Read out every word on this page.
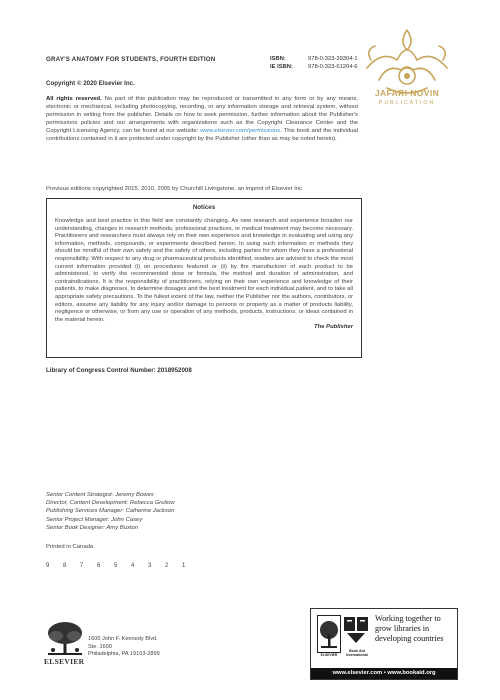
GRAY'S ANATOMY FOR STUDENTS, FOURTH EDITION	ISBN:	978-0-323-39304-1
IE ISBN:	978-0-323-61204-6
JAFARI NOVIN
PUBLICATION
Copyright © 2020 Elsevier Inc.
All rights reserved. No part of this publication may be reproduced or transmitted in any form or by any means, electronic or mechanical, including photocopying, recording, or any information storage and retrieval system, without permission in writing from the publisher. Details on how to seek permission, further information about the Publisher's permissions policies and our arrangements with organizations such as the Copyright Clearance Center and the Copyright Licensing Agency, can be found at our website: www.elsevier.com/permissions. This book and the individual contributions contained in it are protected under copyright by the Publisher (other than as may be noted herein).
Previous editions copyrighted 2015, 2010, 2005 by Churchill Livingstone, an imprint of Elsevier Inc.
Notices
Knowledge and best practice in this field are constantly changing. As new research and experience broaden our understanding, changes in research methods, professional practices, or medical treatment may become necessary. Practitioners and researchers must always rely on their own experience and knowledge in evaluating and using any information, methods, compounds, or experiments described herein. In using such information or methods they should be mindful of their own safety and the safety of others, including parties for whom they have a professional responsibility. With respect to any drug or pharmaceutical products identified, readers are advised to check the most current information provided (i) on procedures featured or (ii) by the manufacturer of each product to be administered, to verify the recommended dose or formula, the method and duration of administration, and contraindications. It is the responsibility of practitioners, relying on their own experience and knowledge of their patients, to make diagnoses, to determine dosages and the best treatment for each individual patient, and to take all appropriate safety precautions. To the fullest extent of the law, neither the Publisher nor the authors, contributors, or editors, assume any liability for any injury and/or damage to persons or property as a matter of products liability, negligence or otherwise, or from any use or operation of any methods, products, instructions, or ideas contained in the material herein.
The Publisher
Library of Congress Control Number: 2018952008
Senior Content Strategist: Jeremy Bowes
Director, Content Development: Rebecca Gruliow
Publishing Services Manager: Catherine Jackson
Senior Project Manager: John Casey
Senior Book Designer: Amy Buxton
Printed in Canada
9 8 7 6 5 4 3 2 1
ELSEVIER
1600 John F. Kennedy Blvd.
Ste. 1600
Philadelphia, PA 19103-2899	ELSEVIER
Book Aid International
Working together to grow libraries in developing countries
www.elsevier.com • www.bookaid.org
